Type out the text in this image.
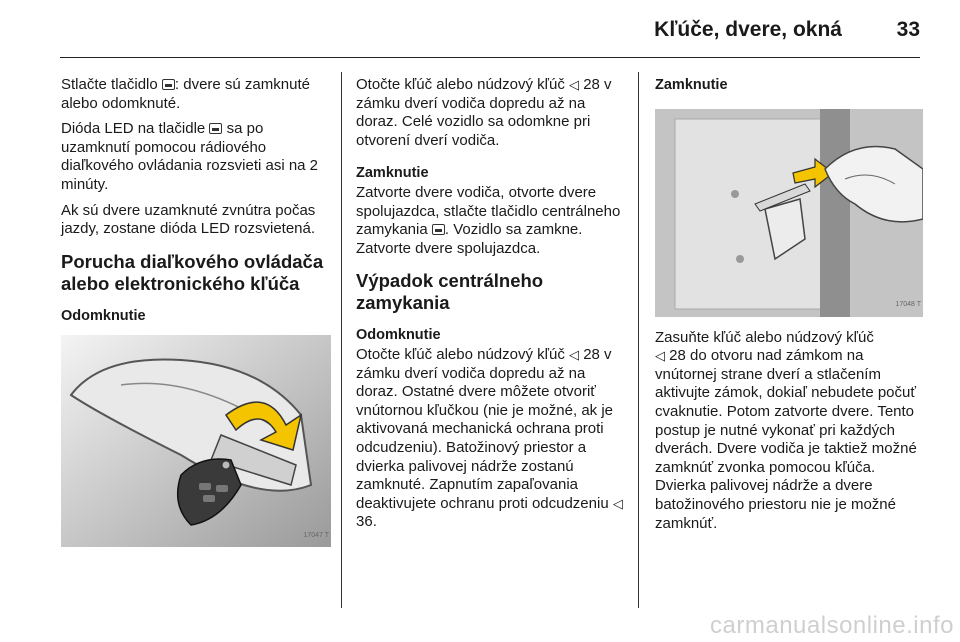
Kľúče, dvere, okná	33

Stlačte tlačidlo : dvere sú zamknuté alebo odomknuté.

Dióda LED na tlačidle  sa po uzamknutí pomocou rádiového diaľkového ovládania rozsvieti asi na 2 minúty.

Ak sú dvere uzamknuté zvnútra počas jazdy, zostane dióda LED rozsvietená.

Porucha diaľkového ovládača alebo elektronického kľúča
Odomknutie
17047 T

Otočte kľúč alebo núdzový kľúč ◁ 28 v zámku dverí vodiča dopredu až na doraz. Celé vozidlo sa odomkne pri otvorení dverí vodiča.

Zamknutie

Zatvorte dvere vodiča, otvorte dvere spolujazdca, stlačte tlačidlo centrálneho zamykania . Vozidlo sa zamkne. Zatvorte dvere spolujazdca.

Výpadok centrálneho zamykania
Odomknutie

Otočte kľúč alebo núdzový kľúč ◁ 28 v zámku dverí vodiča dopredu až na doraz. Ostatné dvere môžete otvoriť vnútornou kľučkou (nie je možné, ak je aktivovaná mechanická ochrana proti odcudzeniu). Batožinový priestor a dvierka palivovej nádrže zostanú zamknuté. Zapnutím zapaľovania deaktivujete ochranu proti odcudzeniu ◁ 36.

Zamknutie
17048 T

Zasuňte kľúč alebo núdzový kľúč
◁ 28 do otvoru nad zámkom na vnútornej strane dverí a stlačením aktivujte zámok, dokiaľ nebudete počuť cvaknutie. Potom zatvorte dvere. Tento postup je nutné vykonať pri každých dverách. Dvere vodiča je taktiež možné zamknúť zvonka pomocou kľúča. Dvierka palivovej nádrže a dvere batožinového priestoru nie je možné zamknúť.

carmanualsonline.info
